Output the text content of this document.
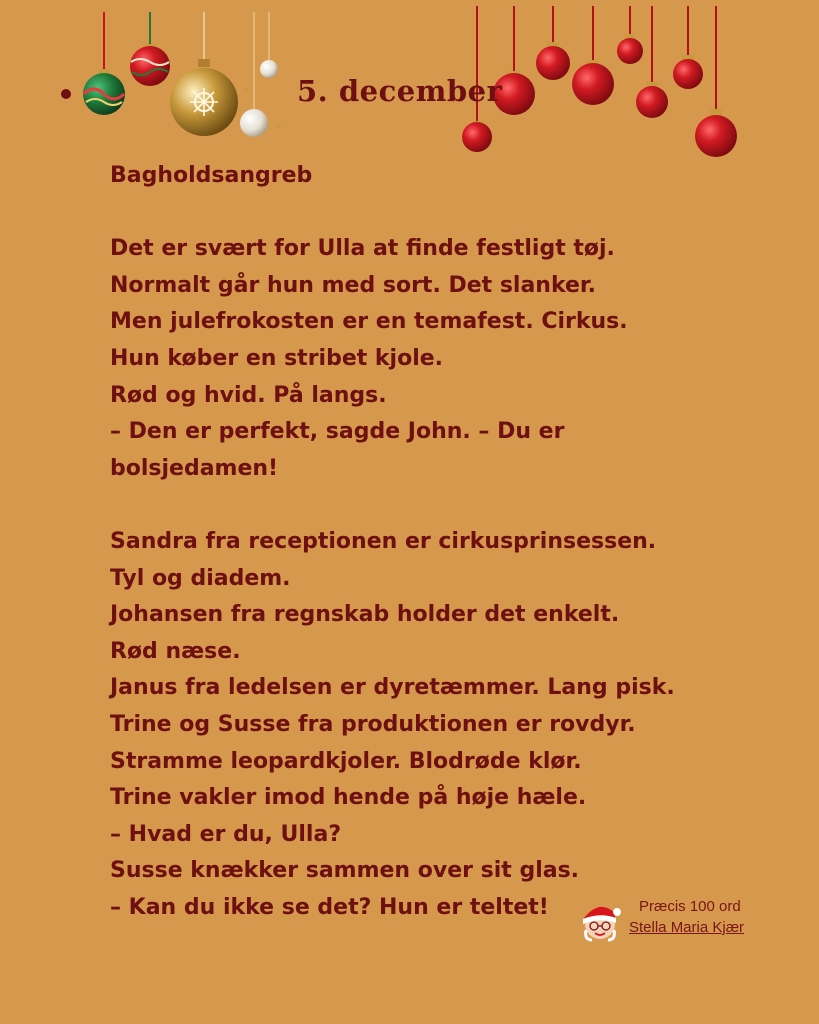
5. december
Bagholdsangreb
Det er svært for Ulla at finde festligt tøj.
Normalt går hun med sort. Det slanker.
Men julefrokosten er en temafest. Cirkus.
Hun køber en stribet kjole.
Rød og hvid. På langs.
– Den er perfekt, sagde John. – Du er
bolsjedamen!
Sandra fra receptionen er cirkusprinsessen.
Tyl og diadem.
Johansen fra regnskab holder det enkelt.
Rød næse.
Janus fra ledelsen er dyretæmmer. Lang pisk.
Trine og Susse fra produktionen er rovdyr.
Stramme leopardkjoler. Blodrøde klør.
Trine vakler imod hende på høje hæle.
– Hvad er du, Ulla?
Susse knækker sammen over sit glas.
– Kan du ikke se det? Hun er teltet!	Præcis 100 ord
Stella Maria Kjær
